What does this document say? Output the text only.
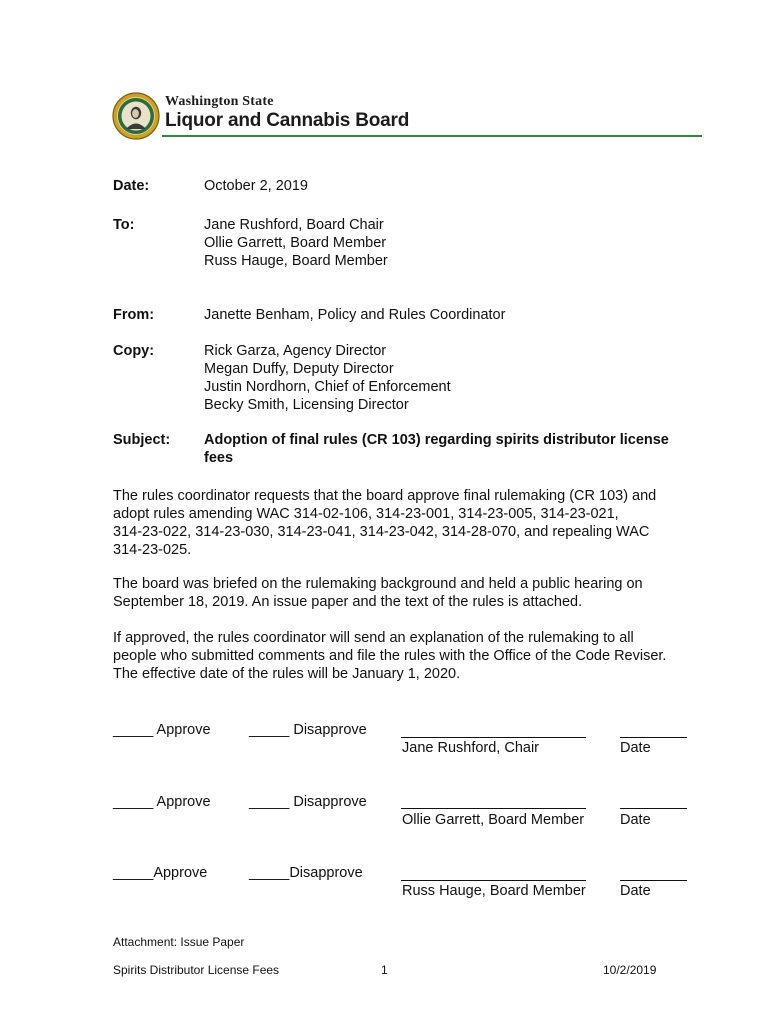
Washington State
Liquor and Cannabis Board
Date:	October 2, 2019
To:	Jane Rushford, Board Chair
Ollie Garrett, Board Member
Russ Hauge, Board Member
From:	Janette Benham, Policy and Rules Coordinator
Copy:	Rick Garza, Agency Director
Megan Duffy, Deputy Director
Justin Nordhorn, Chief of Enforcement
Becky Smith, Licensing Director
Subject: Adoption of final rules (CR 103) regarding spirits distributor license
fees
The rules coordinator requests that the board approve final rulemaking (CR 103) and
adopt rules amending WAC 314-02-106, 314-23-001, 314-23-005, 314-23-021,
314-23-022, 314-23-030, 314-23-041, 314-23-042, 314-28-070, and repealing WAC
314-23-025.
The board was briefed on the rulemaking background and held a public hearing on
September 18, 2019. An issue paper and the text of the rules is attached.
If approved, the rules coordinator will send an explanation of the rulemaking to all
people who submitted comments and file the rules with the Office of the Code Reviser.
The effective date of the rules will be January 1, 2020.
_____ Approve	_____ Disapprove
Jane Rushford, Chair	Date
_____ Approve	_____ Disapprove
Ollie Garrett, Board Member Date
_____Approve	_____Disapprove
Russ Hauge, Board Member Date
Attachment: Issue Paper
Spirits Distributor License Fees	1	10/2/2019
